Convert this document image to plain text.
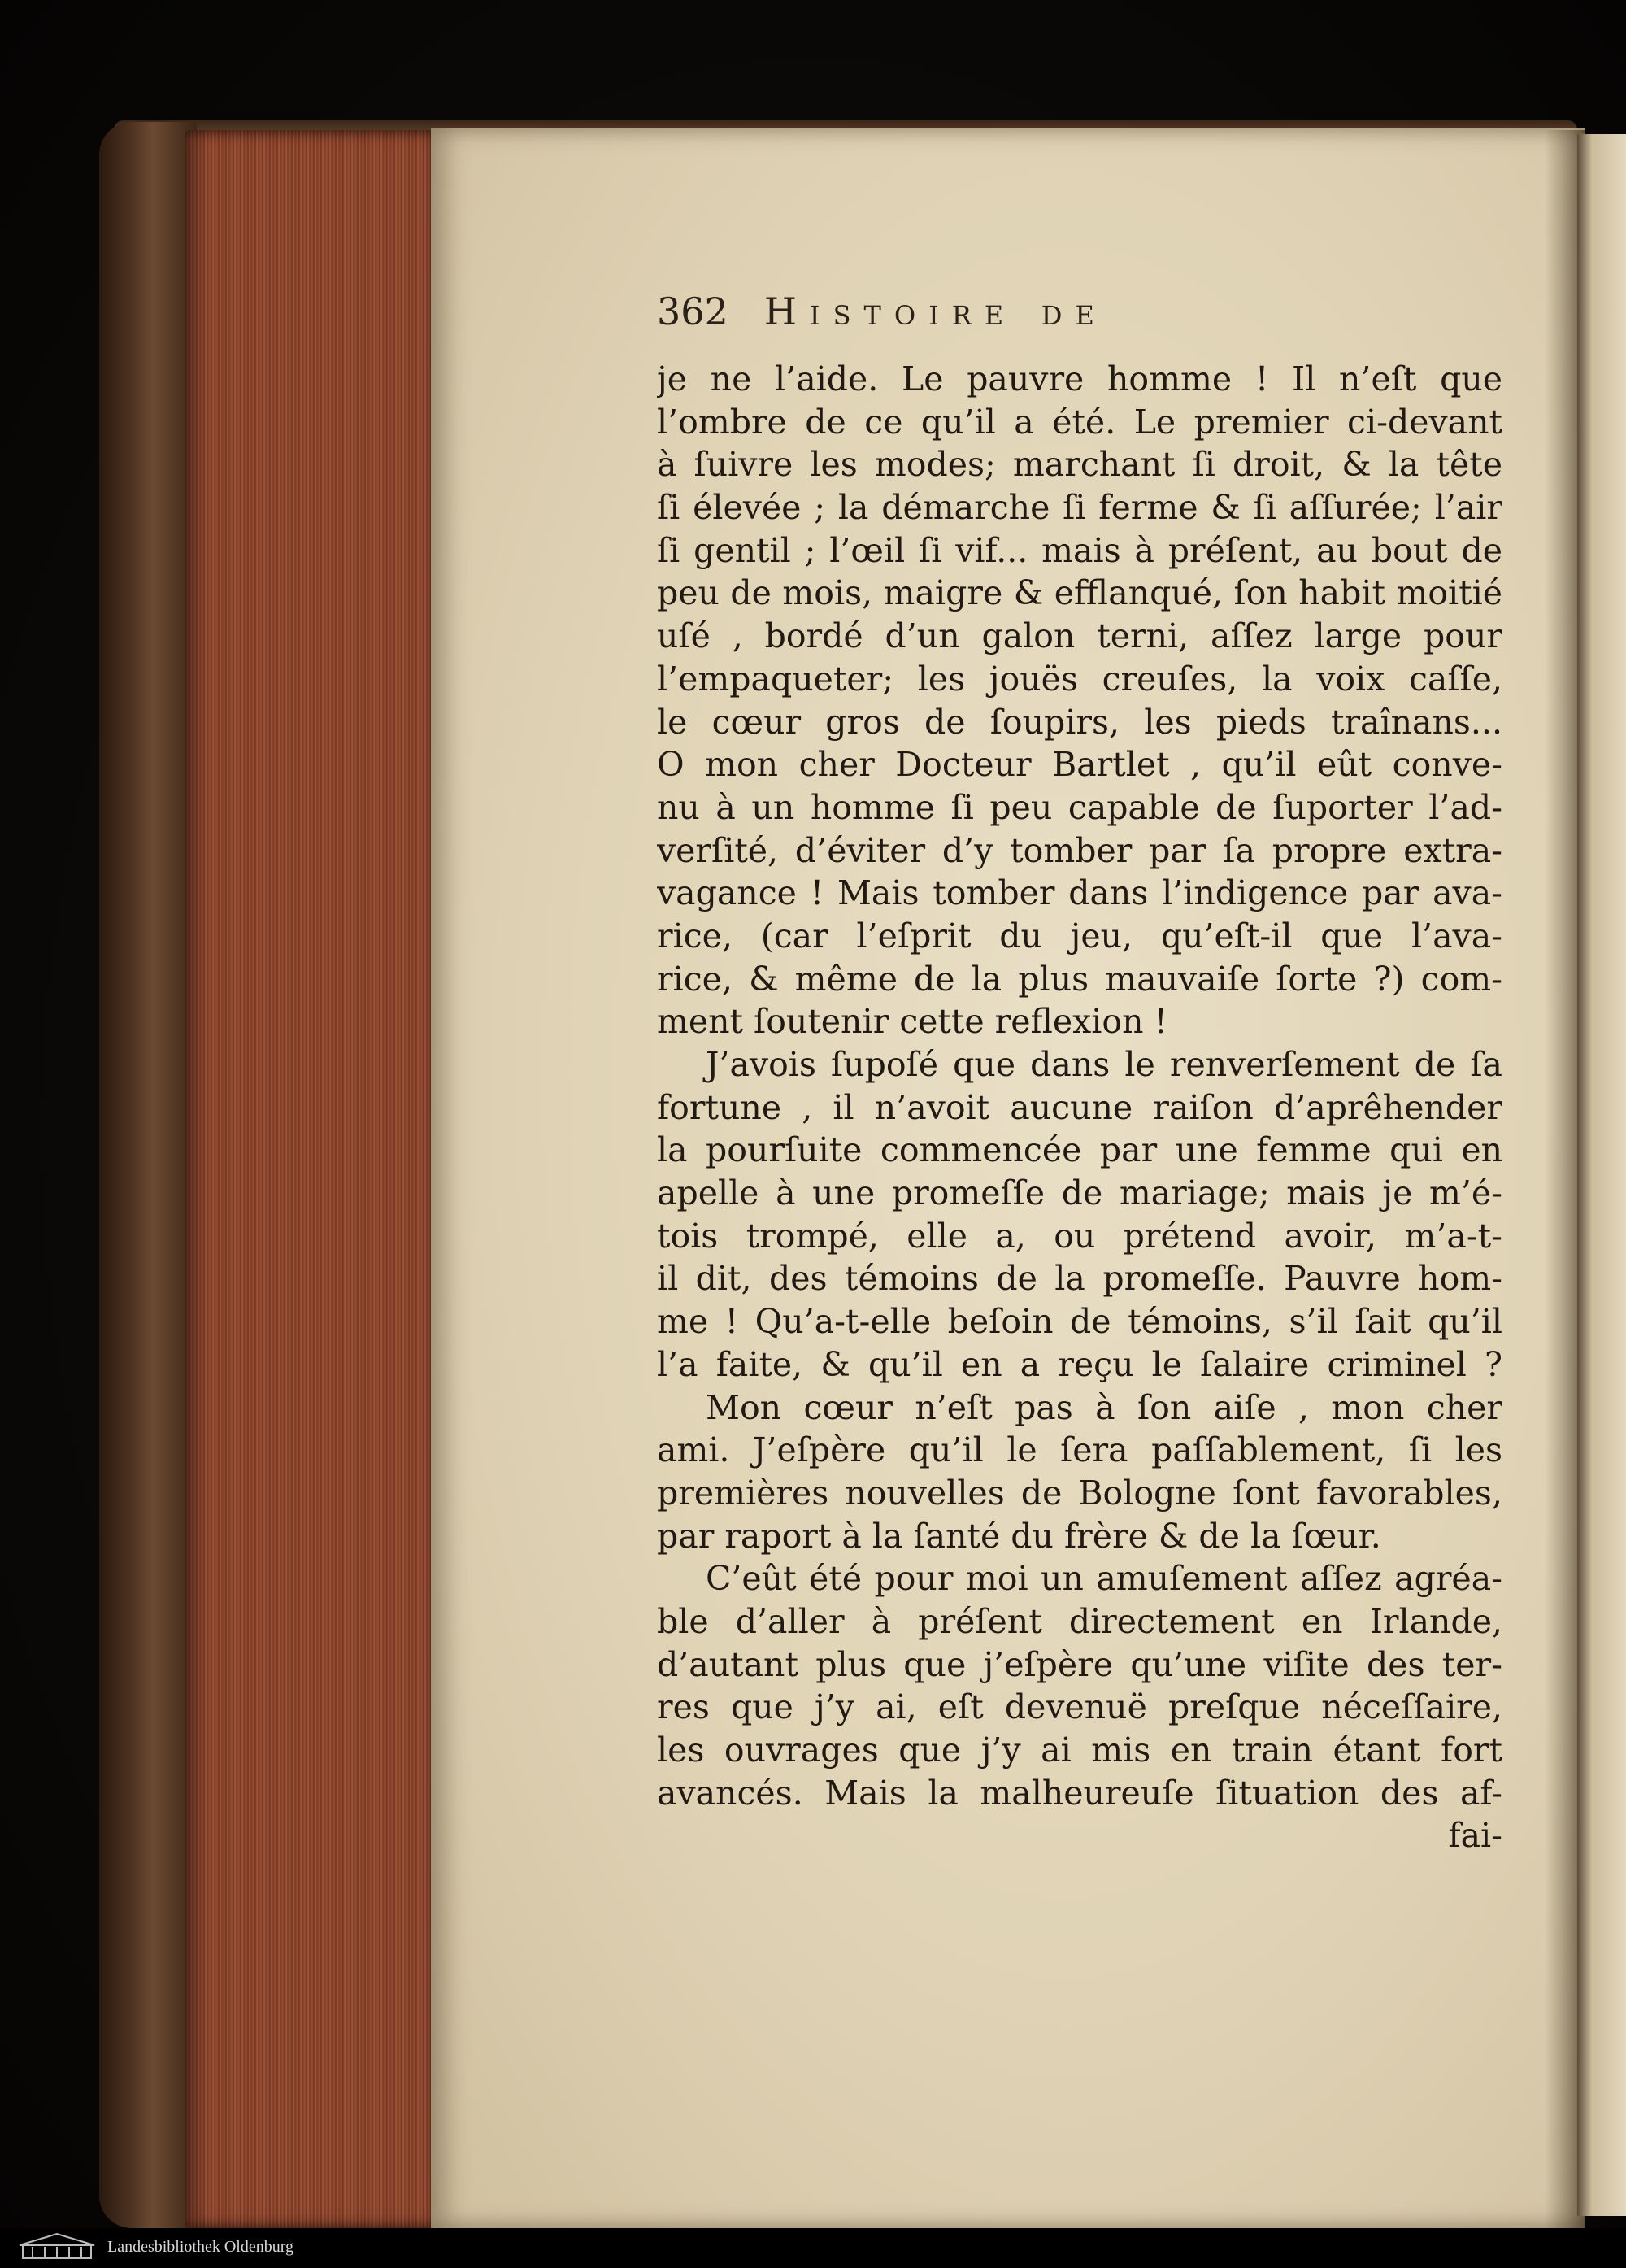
362 Histoire de
je ne l’aide. Le pauvre homme ! Il n’eſt que
l’ombre de ce qu’il a été. Le premier ci-devant
à ſuivre les modes; marchant ſi droit, & la tête
ſi élevée ; la démarche ſi ferme & ſi aſſurée; l’air
ſi gentil ; l’œil ſi vif... mais à préſent, au bout de
peu de mois, maigre & efflanqué, ſon habit moitié
uſé , bordé d’un galon terni, aſſez large pour
l’empaqueter; les jouës creuſes, la voix caſſe,
le cœur gros de ſoupirs, les pieds traînans...
O mon cher Docteur Bartlet , qu’il eût conve-
nu à un homme ſi peu capable de ſuporter l’ad-
verſité, d’éviter d’y tomber par ſa propre extra-
vagance ! Mais tomber dans l’indigence par ava-
rice, (car l’eſprit du jeu, qu’eſt-il que l’ava-
rice, & même de la plus mauvaiſe ſorte ?) com-
ment ſoutenir cette reflexion !
J’avois ſupoſé que dans le renverſement de ſa
fortune , il n’avoit aucune raiſon d’aprêhender
la pourſuite commencée par une femme qui en
apelle à une promeſſe de mariage; mais je m’é-
tois trompé, elle a, ou prétend avoir, m’a-t-
il dit, des témoins de la promeſſe. Pauvre hom-
me ! Qu’a-t-elle beſoin de témoins, s’il ſait qu’il
l’a faite, & qu’il en a reçu le ſalaire criminel ?
Mon cœur n’eſt pas à ſon aiſe , mon cher
ami. J’eſpère qu’il le ſera paſſablement, ſi les
premières nouvelles de Bologne ſont favorables,
par raport à la ſanté du frère & de la ſœur.
C’eût été pour moi un amuſement aſſez agréa-
ble d’aller à préſent directement en Irlande,
d’autant plus que j’eſpère qu’une viſite des ter-
res que j’y ai, eſt devenuë preſque néceſſaire,
les ouvrages que j’y ai mis en train étant fort
avancés. Mais la malheureuſe ſituation des af-
fai-
Landesbibliothek Oldenburg
